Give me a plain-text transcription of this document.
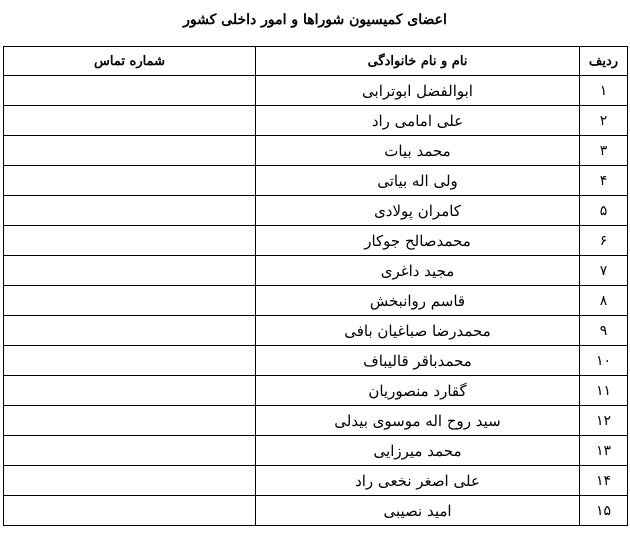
اعضای کمیسیون شوراها و امور داخلی کشور
ردیف	نام و نام خانوادگی	شماره تماس
۱	ابوالفضل ابوترابی	
۲	علی امامی راد	
۳	محمد بیات	
۴	ولی اله بیاتی	
۵	کامران پولادی	
۶	محمدصالح جوکار	
۷	مجید داغری	
۸	قاسم روانبخش	
۹	محمدرضا صباغیان بافی	
۱۰	محمدباقر قالیباف	
۱۱	گقارد منصوریان	
۱۲	سید روح اله موسوی بیدلی	
۱۳	محمد میرزایی	
۱۴	علی اصغر نخعی راد	
۱۵	امید نصیبی	
